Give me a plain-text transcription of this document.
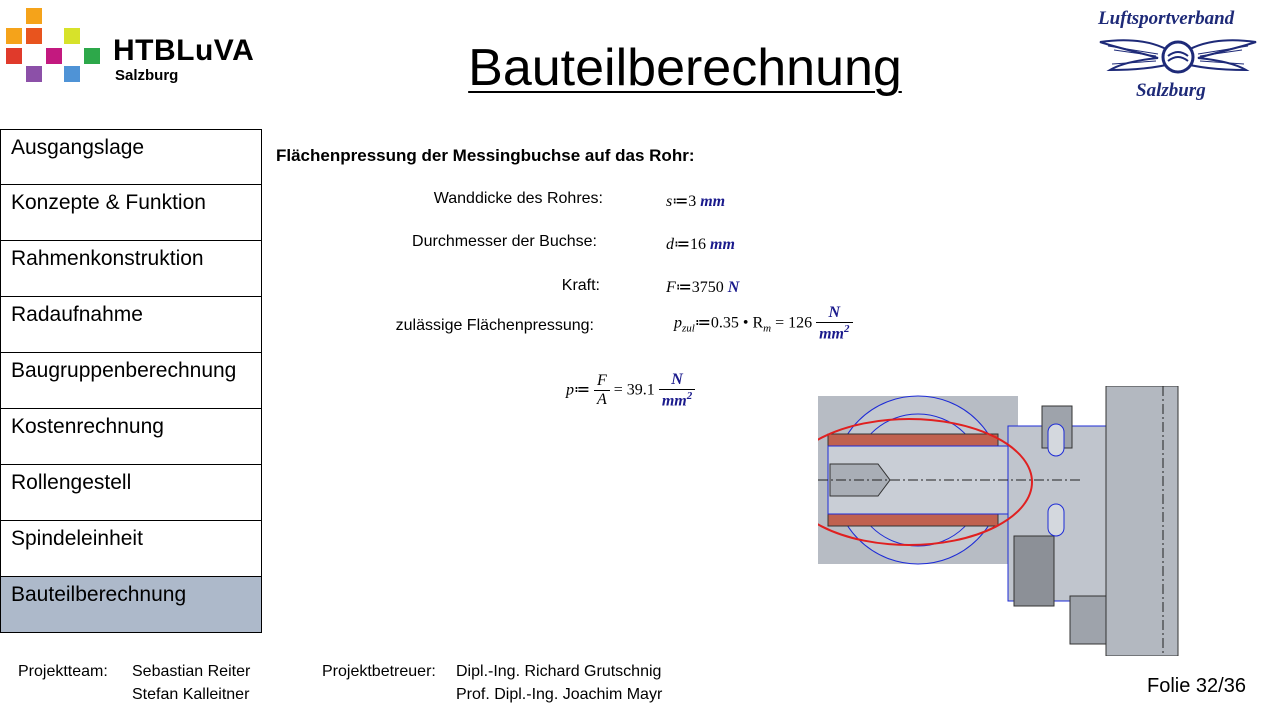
HTBLuVA
Salzburg	Bauteilberechnung
Luftsportverband
Salzburg
Ausgangslage
Konzepte & Funktion
Rahmenkonstruktion
Radaufnahme
Baugruppenberechnung
Kostenrechnung
Rollengestell
Spindeleinheit
Bauteilberechnung
Flächenpressung der Messingbuchse auf das Rohr:
Wanddicke des Rohres:	s≔3 mm
Durchmesser der Buchse:	d≔16 mm
Kraft:	F≔3750 N
zulässige Flächenpressung:	$p_{zul}≔0.35$ • $R_m = 126 \frac{N}{mm^2}$
p≔ $\frac{F}{A} = 39.1 \frac{N}{mm^2}$
Projektteam: Sebastian Reiter
Stefan Kalleitner
Projektbetreuer: Dipl.-Ing. Richard Grutschnig
Prof. Dipl.-Ing. Joachim Mayr	Folie 32/36
